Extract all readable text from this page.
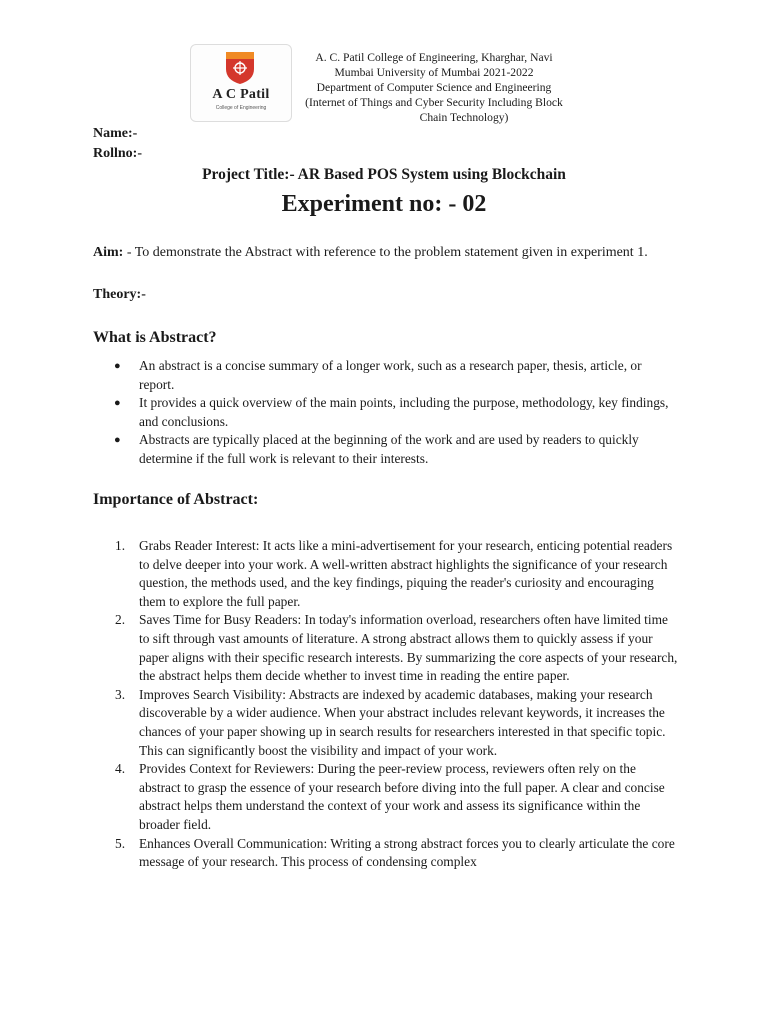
A C Patil
College of Engineering
A. C. Patil College of Engineering, Kharghar, Navi
Mumbai University of Mumbai 2021-2022
Department of Computer Science and Engineering
(Internet of Things and Cyber Security Including Block
Chain Technology)
Name:-
Rollno:-
Project Title:- AR Based POS System using Blockchain
Experiment no: - 02
Aim: - To demonstrate the Abstract with reference to the problem statement given in experiment 1.
Theory:-
What is Abstract?
● An abstract is a concise summary of a longer work, such as a research paper, thesis, article, or report.
● It provides a quick overview of the main points, including the purpose, methodology, key findings, and conclusions.
● Abstracts are typically placed at the beginning of the work and are used by readers to quickly determine if the full work is relevant to their interests.
Importance of Abstract:
1. Grabs Reader Interest: It acts like a mini-advertisement for your research, enticing potential readers to delve deeper into your work. A well-written abstract highlights the significance of your research question, the methods used, and the key findings, piquing the reader's curiosity and encouraging them to explore the full paper.
2. Saves Time for Busy Readers: In today's information overload, researchers often have limited time to sift through vast amounts of literature. A strong abstract allows them to quickly assess if your paper aligns with their specific research interests. By summarizing the core aspects of your research, the abstract helps them decide whether to invest time in reading the entire paper.
3. Improves Search Visibility: Abstracts are indexed by academic databases, making your research discoverable by a wider audience. When your abstract includes relevant keywords, it increases the chances of your paper showing up in search results for researchers interested in that specific topic. This can significantly boost the visibility and impact of your work.
4. Provides Context for Reviewers: During the peer-review process, reviewers often rely on the abstract to grasp the essence of your research before diving into the full paper. A clear and concise abstract helps them understand the context of your work and assess its significance within the broader field.
5. Enhances Overall Communication: Writing a strong abstract forces you to clearly articulate the core message of your research. This process of condensing complex
